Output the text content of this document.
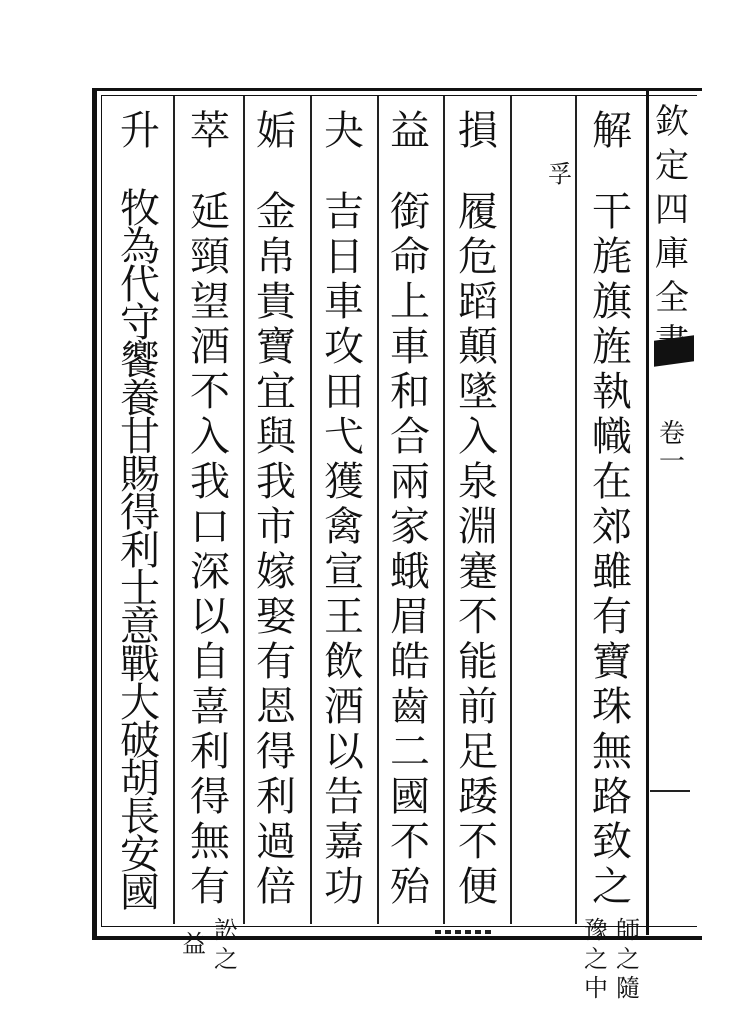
欽
定
四
庫
全
卷
一
解
干
旄
旗
旌
執
幟
在
郊
雖
有
寶
珠
無
路
致
之
孚
師
之
隨
豫
之
中
損
履
危
蹈
顛
墜
入
泉
淵
蹇
不
能
前
足
踒
不
便
益
銜
命
上
車
和
合
兩
家
蛾
眉
皓
齒
二
國
不
殆
夬
吉
日
車
攻
田
弋
獲
禽
宣
王
飲
酒
以
告
嘉
功
姤
金
帛
貴
寶
宜
與
我
市
嫁
娶
有
恩
得
利
過
倍
萃
延
頸
望
酒
不
入
我
口
深
以
自
喜
利
得
無
有
訟
之
益
升
牧
為
代
守
饗
養
甘
賜
得
利
士
意
戰
大
破
胡
長
安
國
